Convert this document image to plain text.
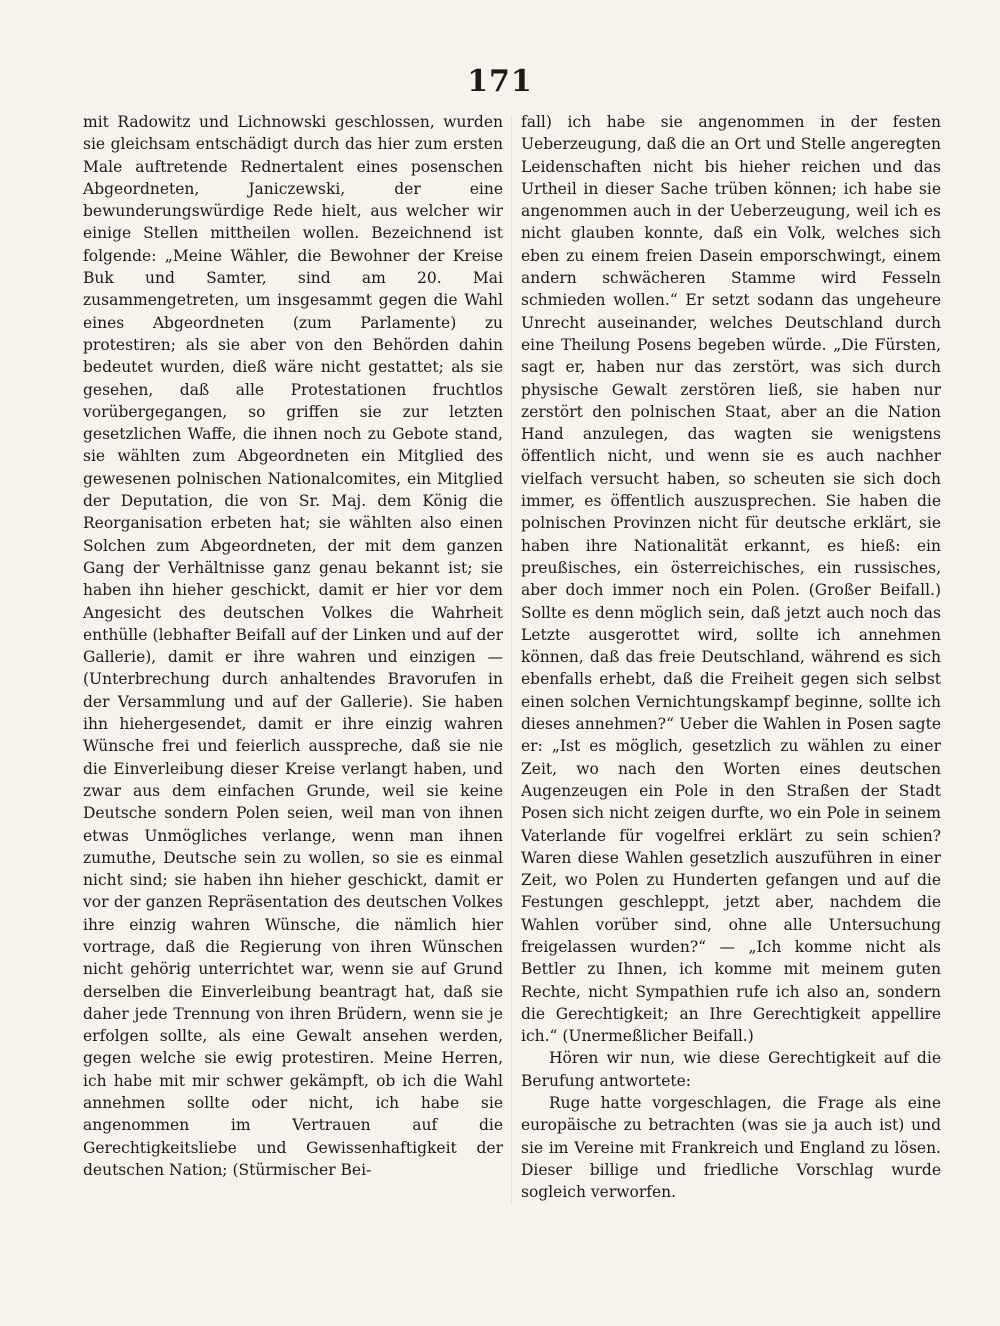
171

mit Radowitz und Lichnowski geschlossen, wurden sie gleichsam entschädigt durch das hier zum ersten Male auftretende Rednertalent eines posenschen Abgeordneten, Janiczewski, der eine bewunderungswürdige Rede hielt, aus welcher wir einige Stellen mittheilen wollen. Bezeichnend ist folgende: „Meine Wähler, die Bewohner der Kreise Buk und Samter, sind am 20. Mai zusammengetreten, um insgesammt gegen die Wahl eines Abgeordneten (zum Parlamente) zu protestiren; als sie aber von den Behörden dahin bedeutet wurden, dieß wäre nicht gestattet; als sie gesehen, daß alle Protestationen fruchtlos vorübergegangen, so griffen sie zur letzten gesetzlichen Waffe, die ihnen noch zu Gebote stand, sie wählten zum Abgeordneten ein Mitglied des gewesenen polnischen Nationalcomites, ein Mitglied der Deputation, die von Sr. Maj. dem König die Reorganisation erbeten hat; sie wählten also einen Solchen zum Abgeordneten, der mit dem ganzen Gang der Verhältnisse ganz genau bekannt ist; sie haben ihn hieher geschickt, damit er hier vor dem Angesicht des deutschen Volkes die Wahrheit enthülle (lebhafter Beifall auf der Linken und auf der Gallerie), damit er ihre wahren und einzigen — (Unterbrechung durch anhaltendes Bravorufen in der Versammlung und auf der Gallerie). Sie haben ihn hiehergesendet, damit er ihre einzig wahren Wünsche frei und feierlich ausspreche, daß sie nie die Einverleibung dieser Kreise verlangt haben, und zwar aus dem einfachen Grunde, weil sie keine Deutsche sondern Polen seien, weil man von ihnen etwas Unmögliches verlange, wenn man ihnen zumuthe, Deutsche sein zu wollen, so sie es einmal nicht sind; sie haben ihn hieher geschickt, damit er vor der ganzen Repräsentation des deutschen Volkes ihre einzig wahren Wünsche, die nämlich hier vortrage, daß die Regierung von ihren Wünschen nicht gehörig unterrichtet war, wenn sie auf Grund derselben die Einverleibung beantragt hat, daß sie daher jede Trennung von ihren Brüdern, wenn sie je erfolgen sollte, als eine Gewalt ansehen werden, gegen welche sie ewig protestiren. Meine Herren, ich habe mit mir schwer gekämpft, ob ich die Wahl annehmen sollte oder nicht, ich habe sie angenommen im Vertrauen auf die Gerechtigkeitsliebe und Gewissenhaftigkeit der deutschen Nation; (Stürmischer Bei-

fall) ich habe sie angenommen in der festen Ueberzeugung, daß die an Ort und Stelle angeregten Leidenschaften nicht bis hieher reichen und das Urtheil in dieser Sache trüben können; ich habe sie angenommen auch in der Ueberzeugung, weil ich es nicht glauben konnte, daß ein Volk, welches sich eben zu einem freien Dasein emporschwingt, einem andern schwächeren Stamme wird Fesseln schmieden wollen.“ Er setzt sodann das ungeheure Unrecht auseinander, welches Deutschland durch eine Theilung Posens begeben würde. „Die Fürsten, sagt er, haben nur das zerstört, was sich durch physische Gewalt zerstören ließ, sie haben nur zerstört den polnischen Staat, aber an die Nation Hand anzulegen, das wagten sie wenigstens öffentlich nicht, und wenn sie es auch nachher vielfach versucht haben, so scheuten sie sich doch immer, es öffentlich auszusprechen. Sie haben die polnischen Provinzen nicht für deutsche erklärt, sie haben ihre Nationalität erkannt, es hieß: ein preußisches, ein österreichisches, ein russisches, aber doch immer noch ein Polen. (Großer Beifall.) Sollte es denn möglich sein, daß jetzt auch noch das Letzte ausgerottet wird, sollte ich annehmen können, daß das freie Deutschland, während es sich ebenfalls erhebt, daß die Freiheit gegen sich selbst einen solchen Vernichtungskampf beginne, sollte ich dieses annehmen?“ Ueber die Wahlen in Posen sagte er: „Ist es möglich, gesetzlich zu wählen zu einer Zeit, wo nach den Worten eines deutschen Augenzeugen ein Pole in den Straßen der Stadt Posen sich nicht zeigen durfte, wo ein Pole in seinem Vaterlande für vogelfrei erklärt zu sein schien? Waren diese Wahlen gesetzlich auszuführen in einer Zeit, wo Polen zu Hunderten gefangen und auf die Festungen geschleppt, jetzt aber, nachdem die Wahlen vorüber sind, ohne alle Untersuchung freigelassen wurden?“ — „Ich komme nicht als Bettler zu Ihnen, ich komme mit meinem guten Rechte, nicht Sympathien rufe ich also an, sondern die Gerechtigkeit; an Ihre Gerechtigkeit appellire ich.“ (Unermeßlicher Beifall.)

Hören wir nun, wie diese Gerechtigkeit auf die Berufung antwortete:

Ruge hatte vorgeschlagen, die Frage als eine europäische zu betrachten (was sie ja auch ist) und sie im Vereine mit Frankreich und England zu lösen. Dieser billige und friedliche Vorschlag wurde sogleich verworfen.
